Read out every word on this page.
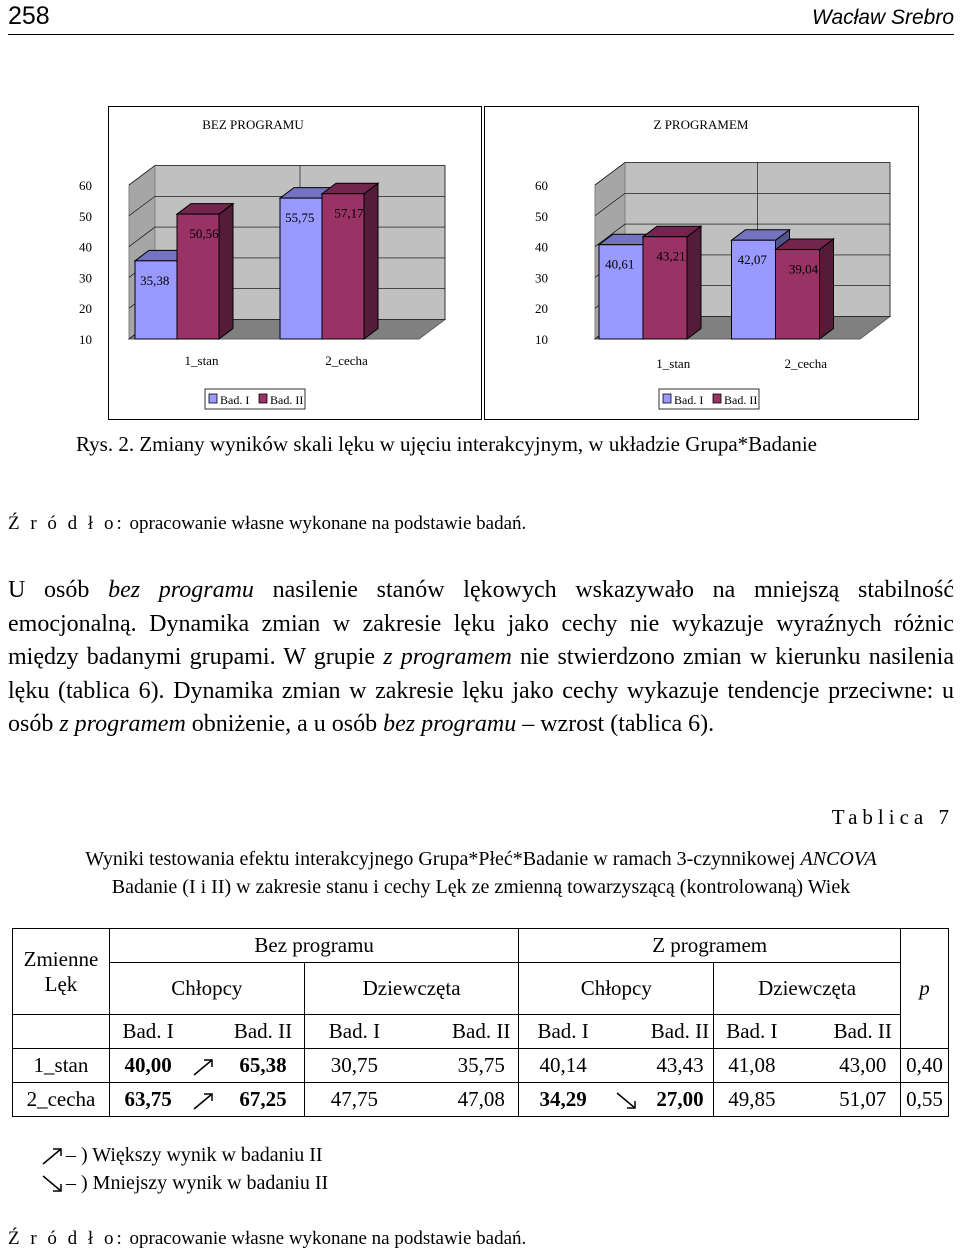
258	Wacław Srebro
BEZ PROGRAMU
10
20
30
40
50
60
35,38
50,56
1_stan
55,75 57,17
2_cecha
Bad. I Bad. II
Z PROGRAMEM
10
20
30
40
50
60
40,61
43,21
1_stan
42,07
39,04
2_cecha
Bad. I Bad. II
Rys. 2. Zmiany wyników skali lęku w ujęciu interakcyjnym, w układzie Grupa*Badanie
Ź r ó d ł o: opracowanie własne wykonane na podstawie badań.

U osób bez programu nasilenie stanów lękowych wskazywało na mniejszą stabilność emocjonalną. Dynamika zmian w zakresie lęku jako cechy nie wykazuje wyraźnych różnic między badanymi grupami. W grupie z programem nie stwierdzono zmian w kierunku nasilenia lęku (tablica 6). Dynamika zmian w zakresie lęku jako cechy wykazuje tendencje przeciwne: u osób z programem obniżenie, a u osób bez programu – wzrost (tablica 6).

Tablica 7
Wyniki testowania efektu interakcyjnego Grupa*Płeć*Badanie w ramach 3-czynnikowej ANCOVA
Badanie (I i II) w zakresie stanu i cechy Lęk ze zmienną towarzyszącą (kontrolowaną) Wiek
Zmienne
Lęk	Bez programu						Z programem						p
	Chłopcy			Dziewczęta			Chłopcy			Dziewczęta			
	Bad. I		Bad. II	Bad. I		Bad. II	Bad. I		Bad. II	Bad. I		Bad. II	
1_stan	40,00		65,38	30,75		35,75	40,14		43,43	41,08		43,00	0,40
2_cecha	63,75		67,25	47,75		47,08	34,29		27,00	49,85		51,07	0,55
– ) Większy wynik w badaniu II
– ) Mniejszy wynik w badaniu II
Ź r ó d ł o: opracowanie własne wykonane na podstawie badań.
